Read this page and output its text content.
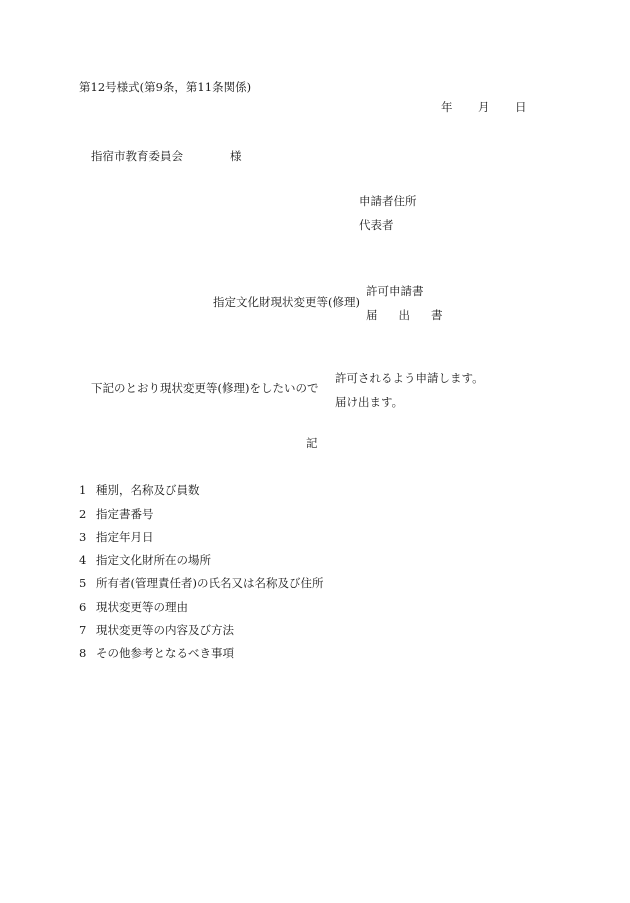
第12号様式(第9条，第11条関係)
年 月 日
指宿市教育委員会	様
申請者住所
代表者
指定文化財現状変更等(修理)
許可申請書
届 出 書
下記のとおり現状変更等(修理)をしたいので
許可されるよう申請します。
届け出ます。
記
1 種別，名称及び員数
2 指定書番号
3 指定年月日
4 指定文化財所在の場所
5 所有者(管理責任者)の氏名又は名称及び住所
6 現状変更等の理由
7 現状変更等の内容及び方法
8 その他参考となるべき事項
